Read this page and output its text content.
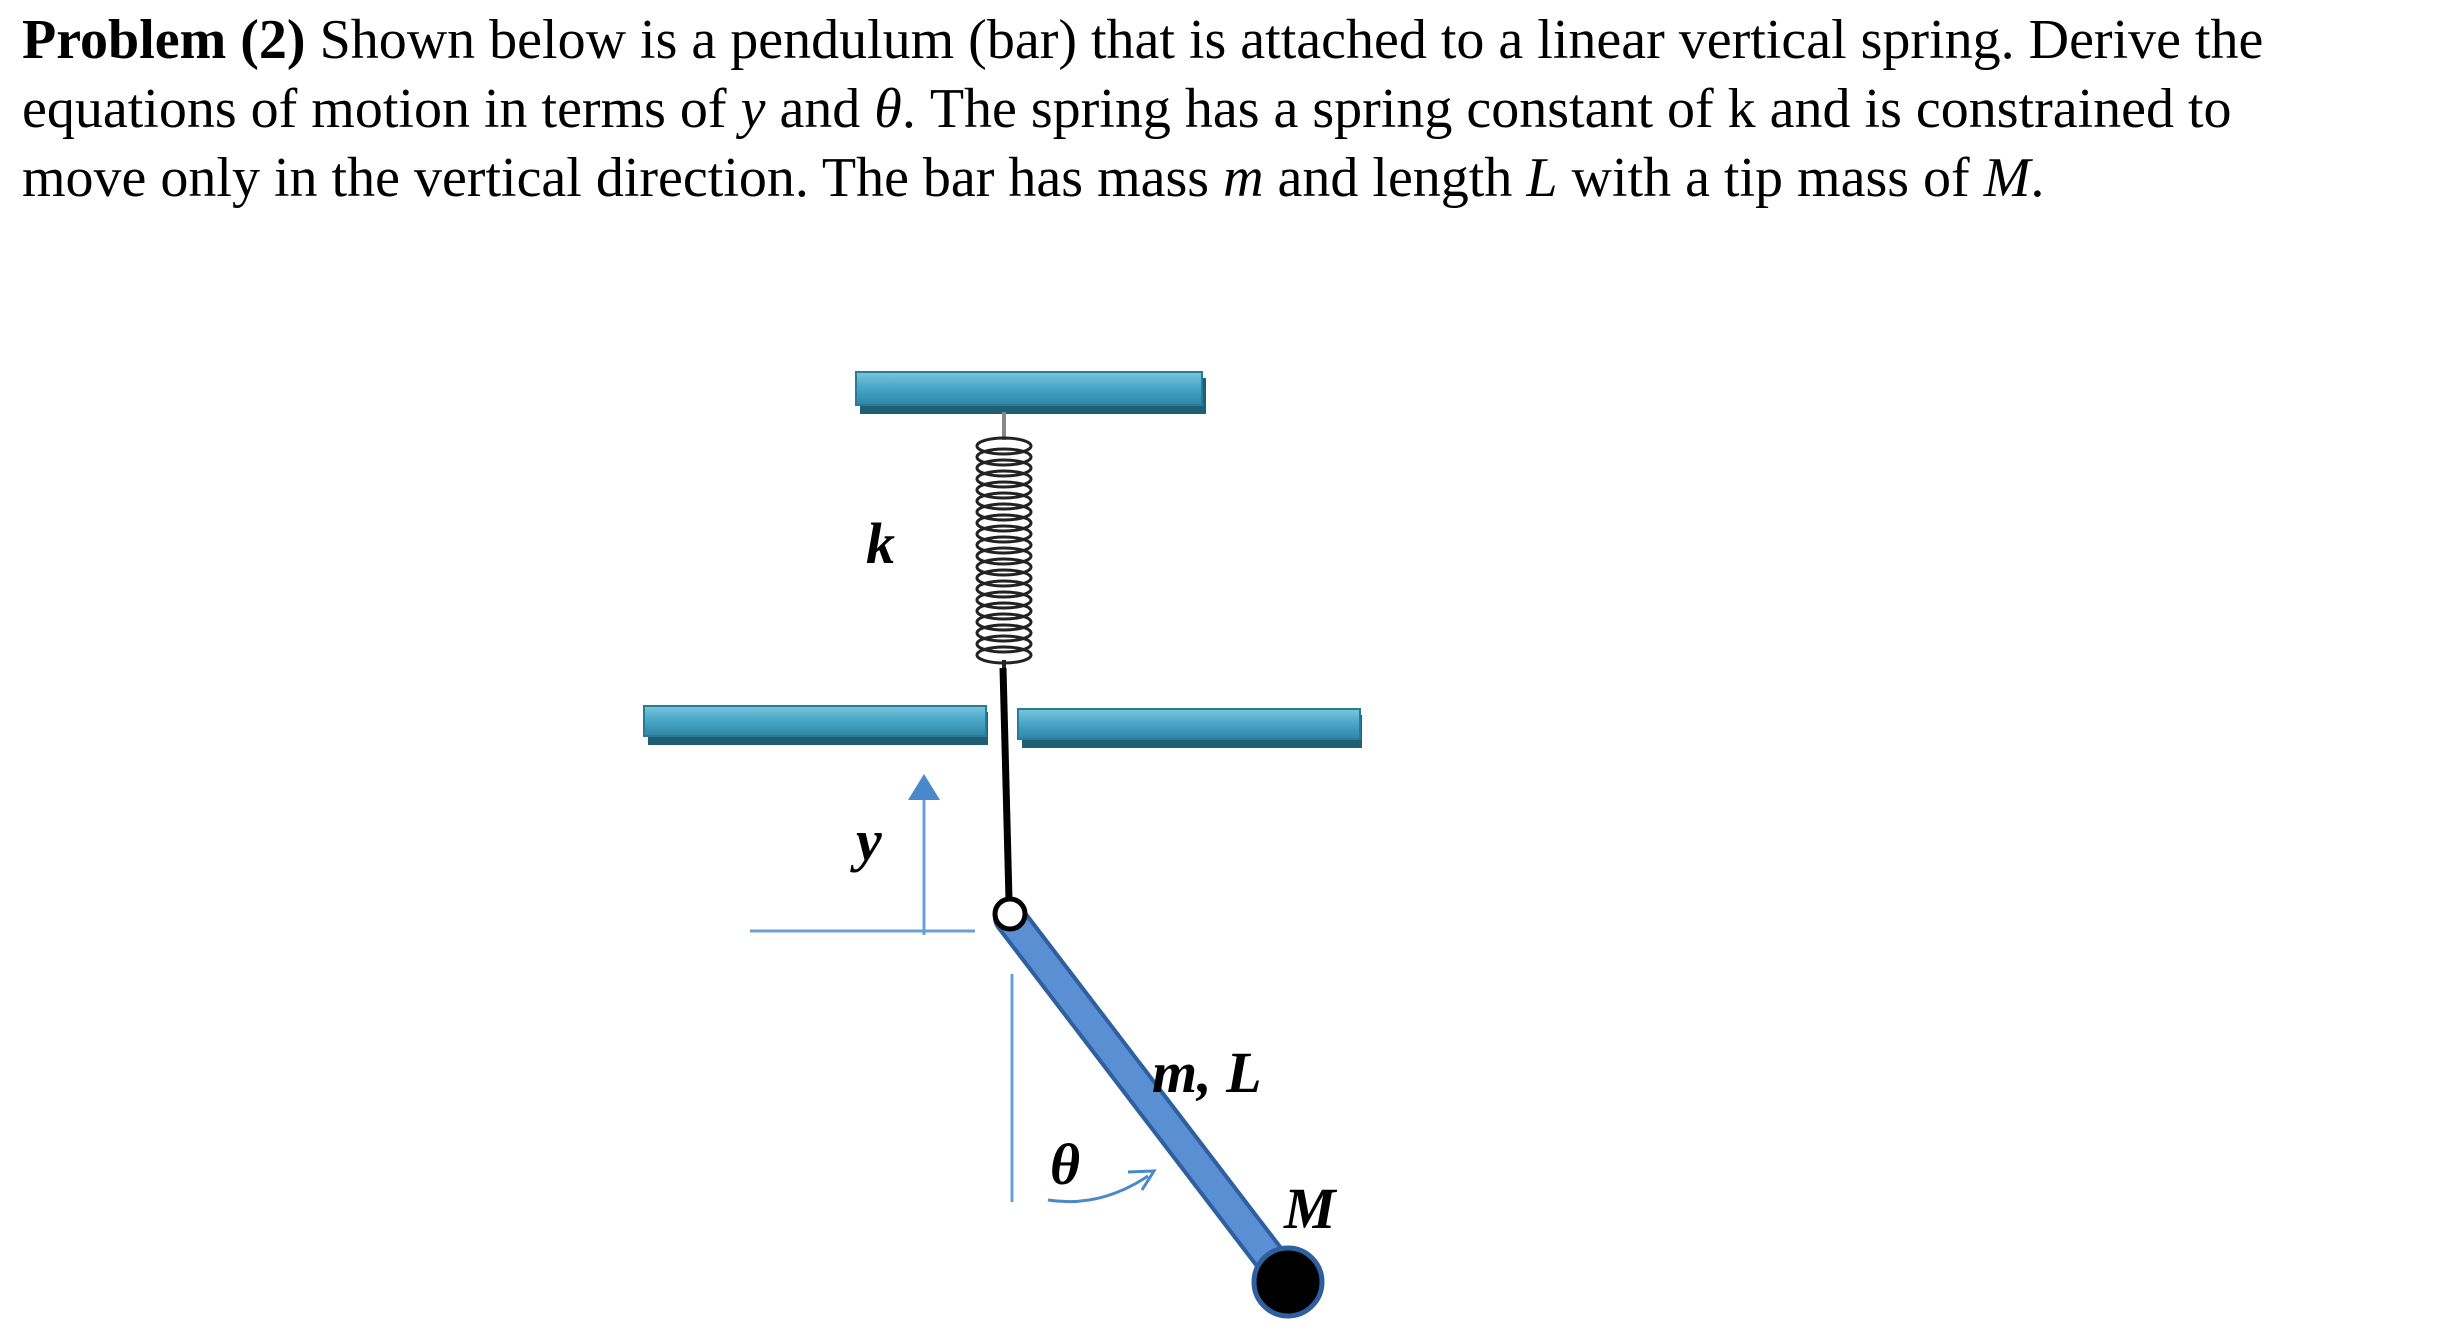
Problem (2) Shown below is a pendulum (bar) that is attached to a linear vertical spring. Derive the

equations of motion in terms of y and θ. The spring has a spring constant of k and is constrained to

move only in the vertical direction. The bar has mass m and length L with a tip mass of M.

k
y
m, L
θ
M
